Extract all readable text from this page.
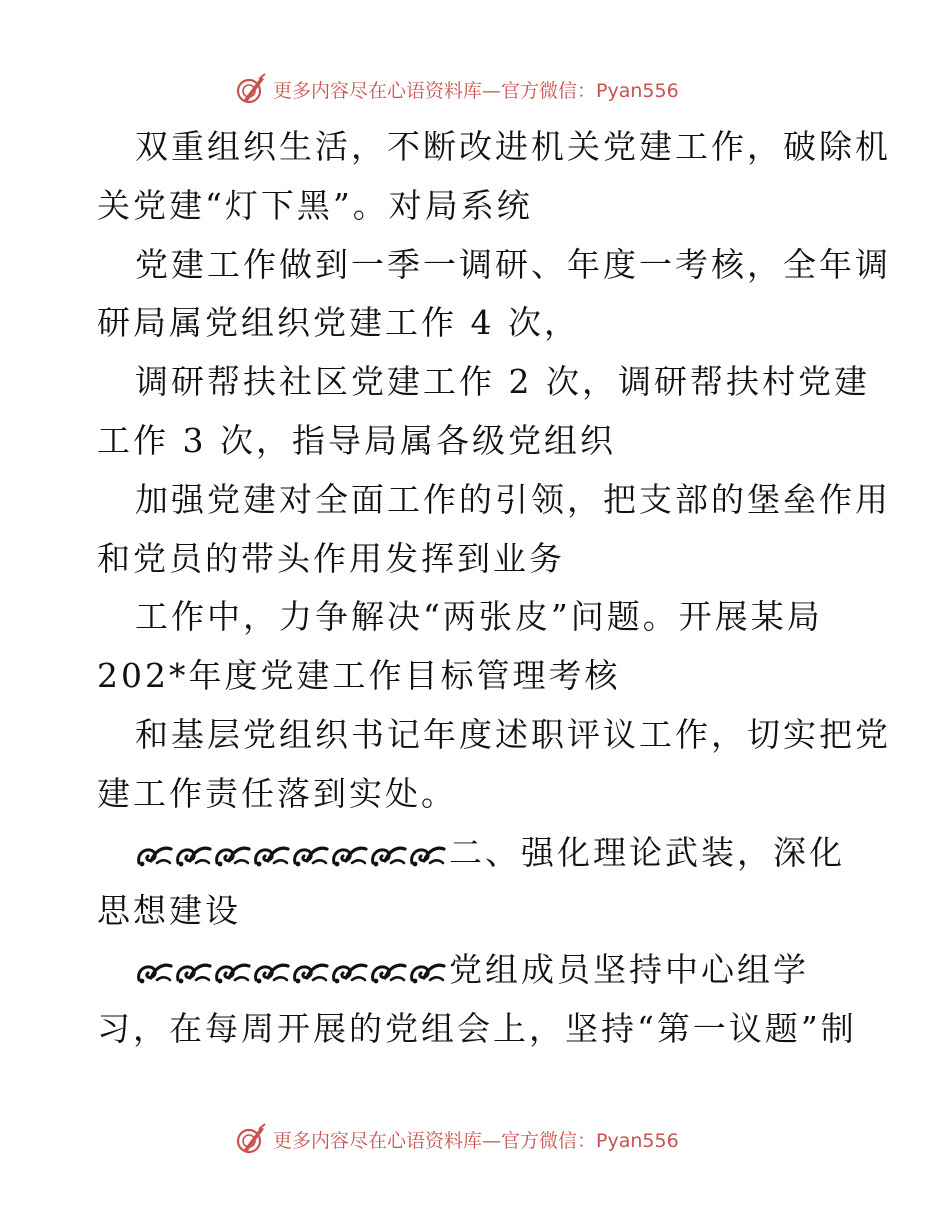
更多内容尽在心语资料库—官方微信：Pyan556
双重组织生活，不断改进机关党建工作，破除机
关党建“灯下黑”。对局系统
党建工作做到一季一调研、年度一考核，全年调
研局属党组织党建工作 4 次，
调研帮扶社区党建工作 2 次，调研帮扶村党建
工作 3 次，指导局属各级党组织
加强党建对全面工作的引领，把支部的堡垒作用
和党员的带头作用发挥到业务
工作中，力争解决“两张皮”问题。开展某局
202*年度党建工作目标管理考核
和基层党组织书记年度述职评议工作，切实把党
建工作责任落到实处。
二、强化理论武装，深化
思想建设
党组成员坚持中心组学
习，在每周开展的党组会上，坚持“第一议题”制
更多内容尽在心语资料库—官方微信：Pyan556
